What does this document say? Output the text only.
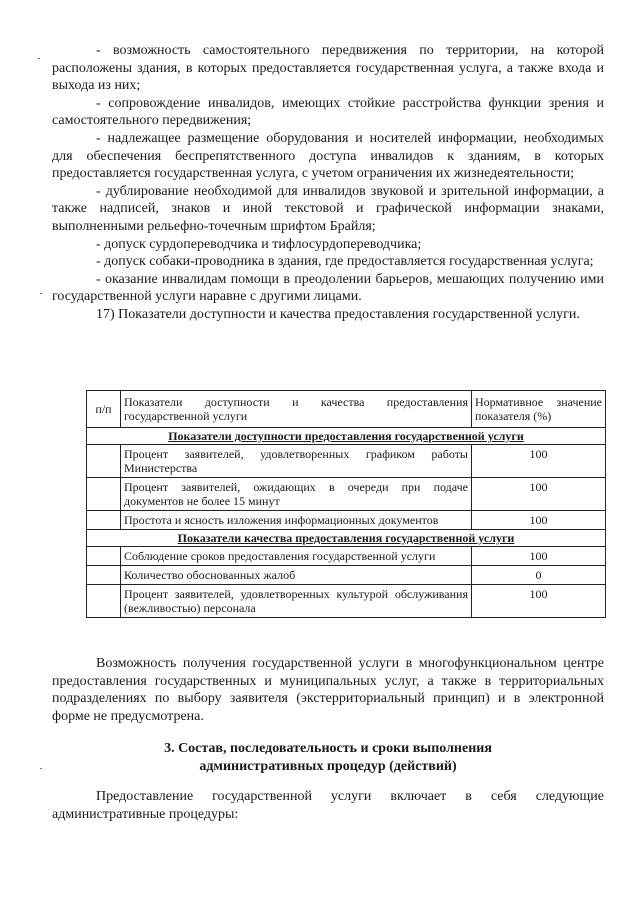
- возможность самостоятельного передвижения по территории, на которой расположены здания, в которых предоставляется государственная услуга, а также входа и выхода из них;

- сопровождение инвалидов, имеющих стойкие расстройства функции зрения и самостоятельного передвижения;

- надлежащее размещение оборудования и носителей информации, необходимых для обеспечения беспрепятственного доступа инвалидов к зданиям, в которых предоставляется государственная услуга, с учетом ограничения их жизнедеятельности;

- дублирование необходимой для инвалидов звуковой и зрительной информации, а также надписей, знаков и иной текстовой и графической информации знаками, выполненными рельефно-точечным шрифтом Брайля;

- допуск сурдопереводчика и тифлосурдопереводчика;

- допуск собаки-проводника в здания, где предоставляется государственная услуга;

- оказание инвалидам помощи в преодолении барьеров, мешающих получению ими государственной услуги наравне с другими лицами.

17) Показатели доступности и качества предоставления государственной услуги.

п/п	Показатели доступности и качества предоставления государственной услуги	Нормативное значение показателя (%)
Показатели доступности предоставления государственной услуги		
	Процент заявителей, удовлетворенных графиком работы Министерства	100
	Процент заявителей, ожидающих в очереди при подаче документов не более 15 минут	100
	Простота и ясность изложения информационных документов	100
Показатели качества предоставления государственной услуги		
	Соблюдение сроков предоставления государственной услуги	100
	Количество обоснованных жалоб	0
	Процент заявителей, удовлетворенных культурой обслуживания (вежливостью) персонала	100

Возможность получения государственной услуги в многофункциональном центре предоставления государственных и муниципальных услуг, а также в территориальных подразделениях по выбору заявителя (экстерриториальный принцип) и в электронной форме не предусмотрена.

3. Состав, последовательность и сроки выполнения
административных процедур (действий)

Предоставление государственной услуги включает в себя следующие административные процедуры:
